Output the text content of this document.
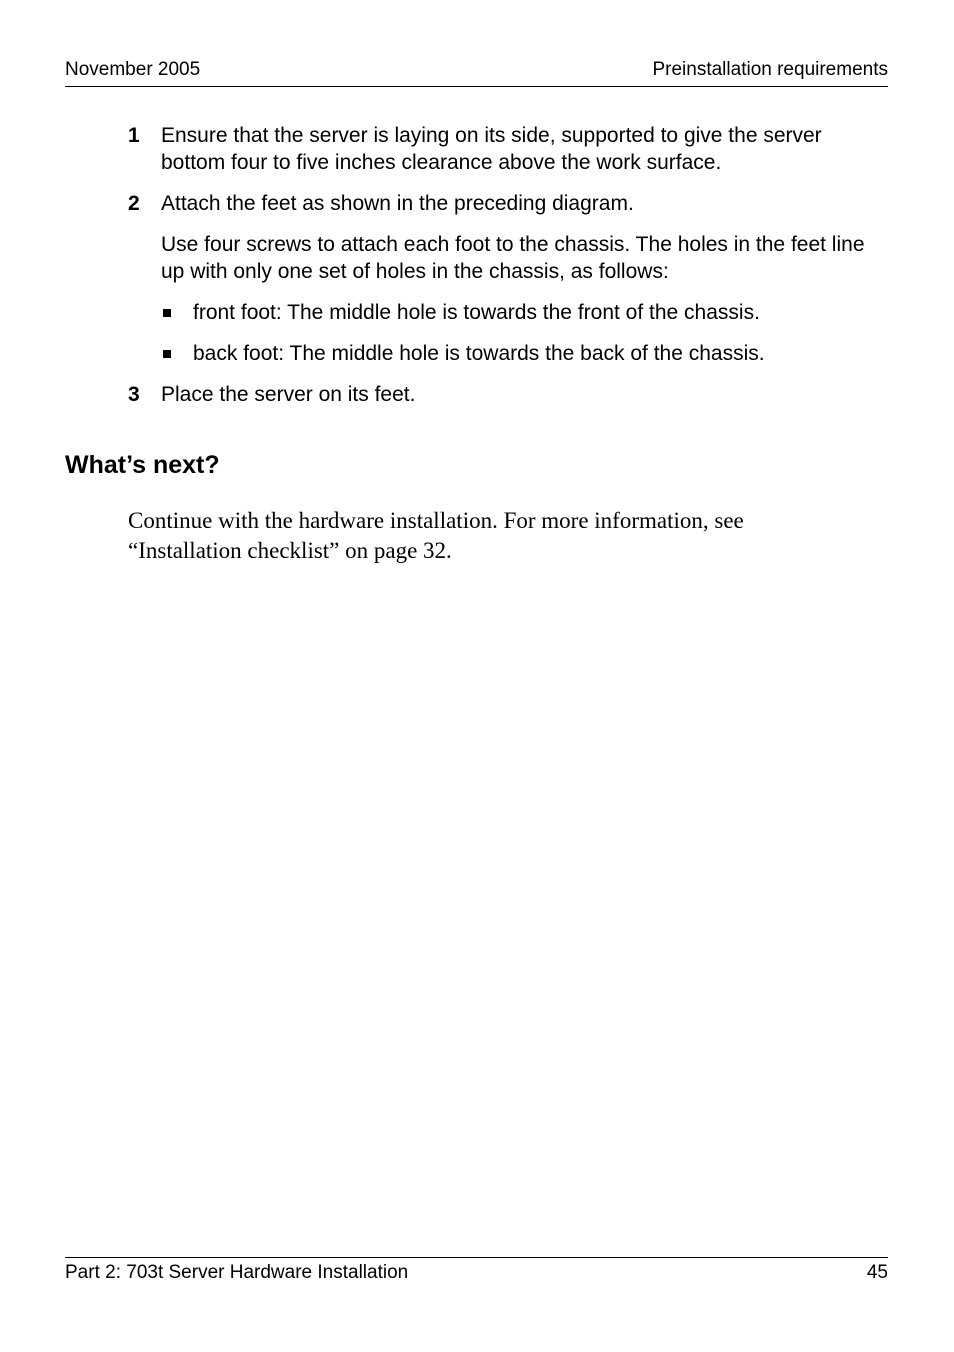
November 2005	Preinstallation requirements
1 Ensure that the server is laying on its side, supported to give the server bottom four to five inches clearance above the work surface.
2 Attach the feet as shown in the preceding diagram.
Use four screws to attach each foot to the chassis. The holes in the feet line up with only one set of holes in the chassis, as follows:
front foot: The middle hole is towards the front of the chassis.
back foot: The middle hole is towards the back of the chassis.
3 Place the server on its feet.
What’s next?
Continue with the hardware installation. For more information, see “Installation checklist” on page 32.
Part 2: 703t Server Hardware Installation	45
